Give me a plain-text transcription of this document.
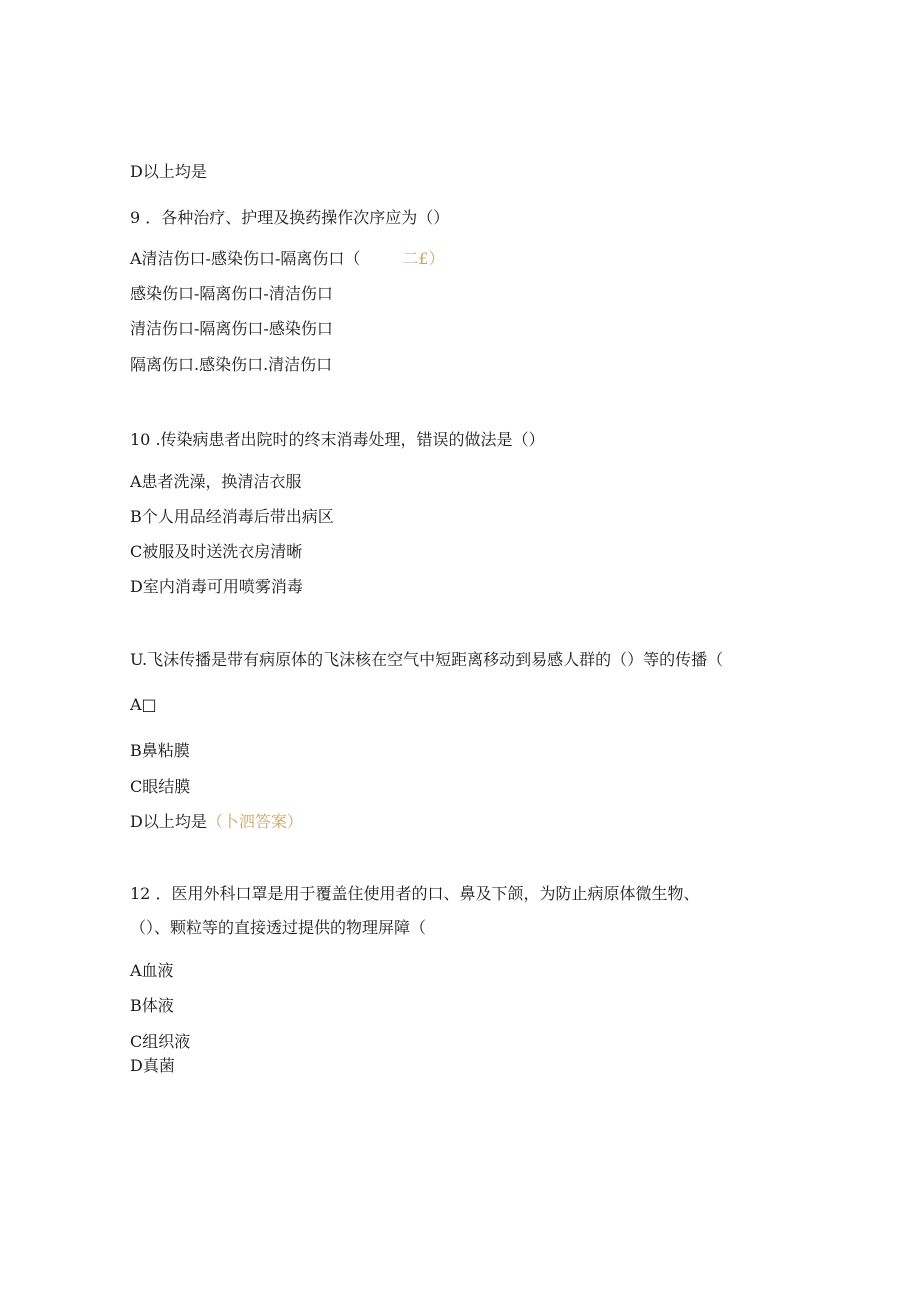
D以上均是
9 ．各种治疗、护理及换药操作次序应为（）
A清洁伤口-感染伤口-隔离伤口（	二£）
感染伤口-隔离伤口-清洁伤口
清洁伤口-隔离伤口-感染伤口
隔离伤口.感染伤口.清洁伤口
10 .传染病患者出院时的终末消毒处理，错误的做法是（）
A患者洗澡，换清洁衣服
B个人用品经消毒后带出病区
C被服及时送洗衣房清晰
D室内消毒可用喷雾消毒
U.飞沫传播是带有病原体的飞沫核在空气中短距离移动到易感人群的（）等的传播（
A□
B鼻粘膜
C眼结膜
D以上均是（卜泗答案）
12 ．医用外科口罩是用于覆盖住使用者的口、鼻及下颌，为防止病原体微生物、
（）、颗粒等的直接透过提供的物理屏障（
A血液
B体液
C组织液
D真菌
